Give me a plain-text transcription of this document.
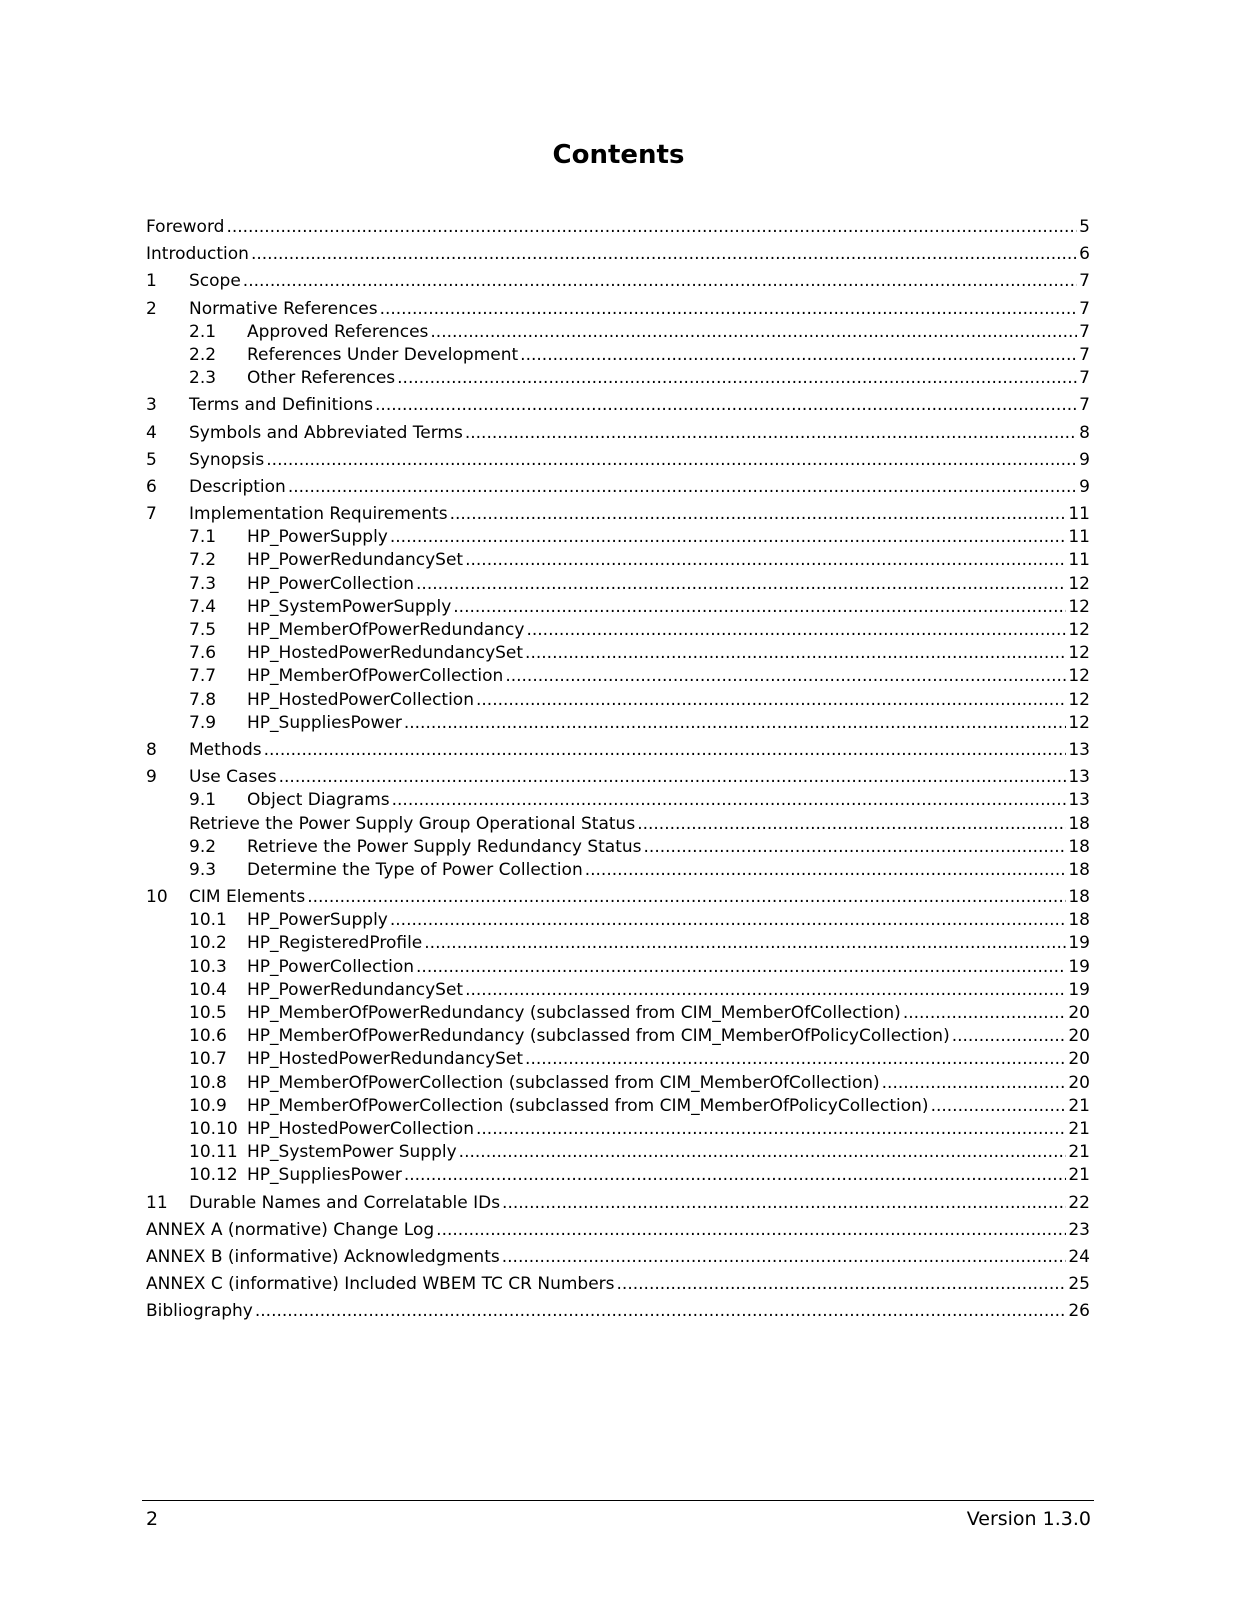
Contents
Foreword .....	5
Introduction .....	6
1	Scope .....	7
2	Normative References .....	7
2.1	Approved References .....	7
2.2	References Under Development .....	7
2.3	Other References .....	7
3	Terms and Definitions .....	7
4	Symbols and Abbreviated Terms .....	8
5	Synopsis .....	9
6	Description .....	9
7	Implementation Requirements .....	11
7.1	HP_PowerSupply .....	11
7.2	HP_PowerRedundancySet .....	11
7.3	HP_PowerCollection .....	12
7.4	HP_SystemPowerSupply .....	12
7.5	HP_MemberOfPowerRedundancy .....	12
7.6	HP_HostedPowerRedundancySet .....	12
7.7	HP_MemberOfPowerCollection .....	12
7.8	HP_HostedPowerCollection .....	12
7.9	HP_SuppliesPower .....	12
8	Methods .....	13
9	Use Cases .....	13
9.1	Object Diagrams .....	13
Retrieve the Power Supply Group Operational Status .....	18
9.2	Retrieve the Power Supply Redundancy Status .....	18
9.3	Determine the Type of Power Collection .....	18
10	CIM Elements .....	18
10.1	HP_PowerSupply .....	18
10.2	HP_RegisteredProfile .....	19
10.3	HP_PowerCollection .....	19
10.4	HP_PowerRedundancySet .....	19
10.5	HP_MemberOfPowerRedundancy (subclassed from CIM_MemberOfCollection) .....	20
10.6	HP_MemberOfPowerRedundancy (subclassed from CIM_MemberOfPolicyCollection) .....	20
10.7	HP_HostedPowerRedundancySet .....	20
10.8	HP_MemberOfPowerCollection (subclassed from CIM_MemberOfCollection) .....	20
10.9	HP_MemberOfPowerCollection (subclassed from CIM_MemberOfPolicyCollection) .....	21
10.10 HP_HostedPowerCollection .....	21
10.11 HP_SystemPower Supply .....	21
10.12 HP_SuppliesPower .....	21
11	Durable Names and Correlatable IDs .....	22
ANNEX A (normative) Change Log .....	23
ANNEX B (informative) Acknowledgments .....	24
ANNEX C (informative) Included WBEM TC CR Numbers .....	25
Bibliography .....	26
2	Version 1.3.0
